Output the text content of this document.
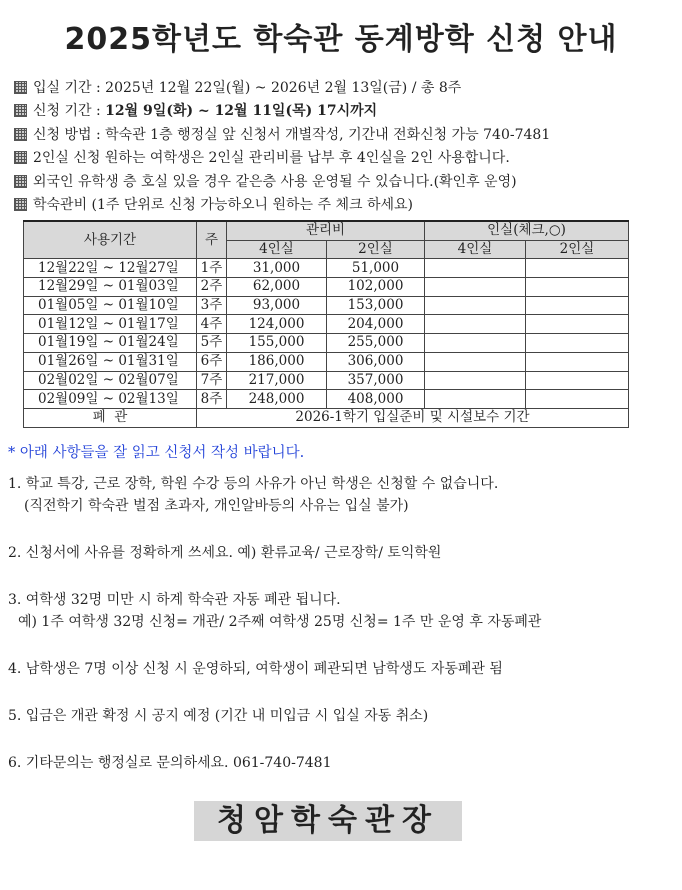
2025학년도 학숙관 동계방학 신청 안내
입실 기간 : 2025년 12월 22일(월) ~ 2026년 2월 13일(금) / 총 8주
신청 기간 : 12월 9일(화) ~ 12월 11일(목) 17시까지
신청 방법 : 학숙관 1층 행정실 앞 신청서 개별작성, 기간내 전화신청 가능 740-7481
2인실 신청 원하는 여학생은 2인실 관리비를 납부 후 4인실을 2인 사용합니다.
외국인 유학생 층 호실 있을 경우 같은층 사용 운영될 수 있습니다.(확인후 운영)
학숙관비 (1주 단위로 신청 가능하오니 원하는 주 체크 하세요)
사용기간	주	관리비		인실(체크,○)	
		4인실	2인실	4인실	2인실
12월22일 ~ 12월27일	1주	31,000	51,000		
12월29일 ~ 01월03일	2주	62,000	102,000		
01월05일 ~ 01월10일	3주	93,000	153,000		
01월12일 ~ 01월17일	4주	124,000	204,000		
01월19일 ~ 01월24일	5주	155,000	255,000		
01월26일 ~ 01월31일	6주	186,000	306,000		
02월02일 ~ 02월07일	7주	217,000	357,000		
02월09일 ~ 02월13일	8주	248,000	408,000		
폐  관	2026-1학기 입실준비 및 시설보수 기간				
* 아래 사항들을 잘 읽고 신청서 작성 바랍니다.
1. 학교 특강, 근로 장학, 학원 수강 등의 사유가 아닌 학생은 신청할 수 없습니다.
(직전학기 학숙관 벌점 초과자, 개인알바등의 사유는 입실 불가)
2. 신청서에 사유를 정확하게 쓰세요. 예) 환류교육/ 근로장학/ 토익학원
3. 여학생 32명 미만 시 하계 학숙관 자동 폐관 됩니다.
예) 1주 여학생 32명 신청= 개관/ 2주째 여학생 25명 신청= 1주 만 운영 후 자동폐관
4. 남학생은 7명 이상 신청 시 운영하되, 여학생이 폐관되면 남학생도 자동폐관 됨
5. 입금은 개관 확정 시 공지 예정 (기간 내 미입금 시 입실 자동 취소)
6. 기타문의는 행정실로 문의하세요. 061-740-7481
청암학숙관장
